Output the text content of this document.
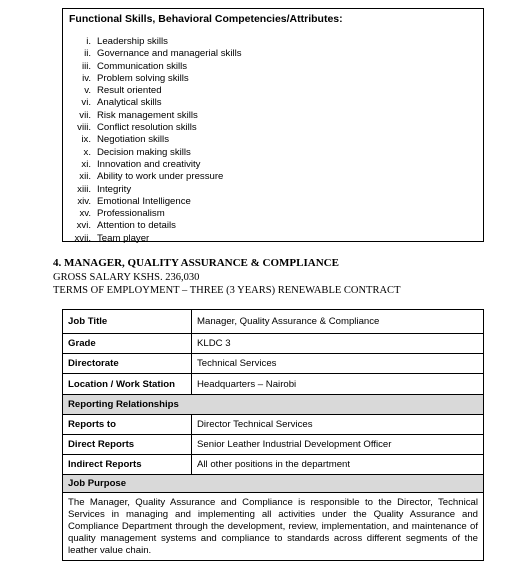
Functional Skills, Behavioral Competencies/Attributes:
i. Leadership skills
ii. Governance and managerial skills
iii. Communication skills
iv. Problem solving skills
v. Result oriented
vi. Analytical skills
vii. Risk management skills
viii. Conflict resolution skills
ix. Negotiation skills
x. Decision making skills
xi. Innovation and creativity
xii. Ability to work under pressure
xiii. Integrity
xiv. Emotional Intelligence
xv. Professionalism
xvi. Attention to details
xvii. Team player
4. MANAGER, QUALITY ASSURANCE & COMPLIANCE
GROSS SALARY KSHS. 236,030
TERMS OF EMPLOYMENT – THREE (3 YEARS) RENEWABLE CONTRACT
Job Title	Manager, Quality Assurance & Compliance
Grade	KLDC 3
Directorate	Technical Services
Location / Work Station	Headquarters – Nairobi
Reporting Relationships	
Reports to	Director Technical Services
Direct Reports	Senior Leather Industrial Development Officer
Indirect Reports	All other positions in the department
Job Purpose	
The Manager, Quality Assurance and Compliance is responsible to the Director, Technical Services in managing and implementing all activities under the Quality Assurance and Compliance Department through the development, review, implementation, and maintenance of quality management systems and compliance to standards across different segments of the leather value chain.	
